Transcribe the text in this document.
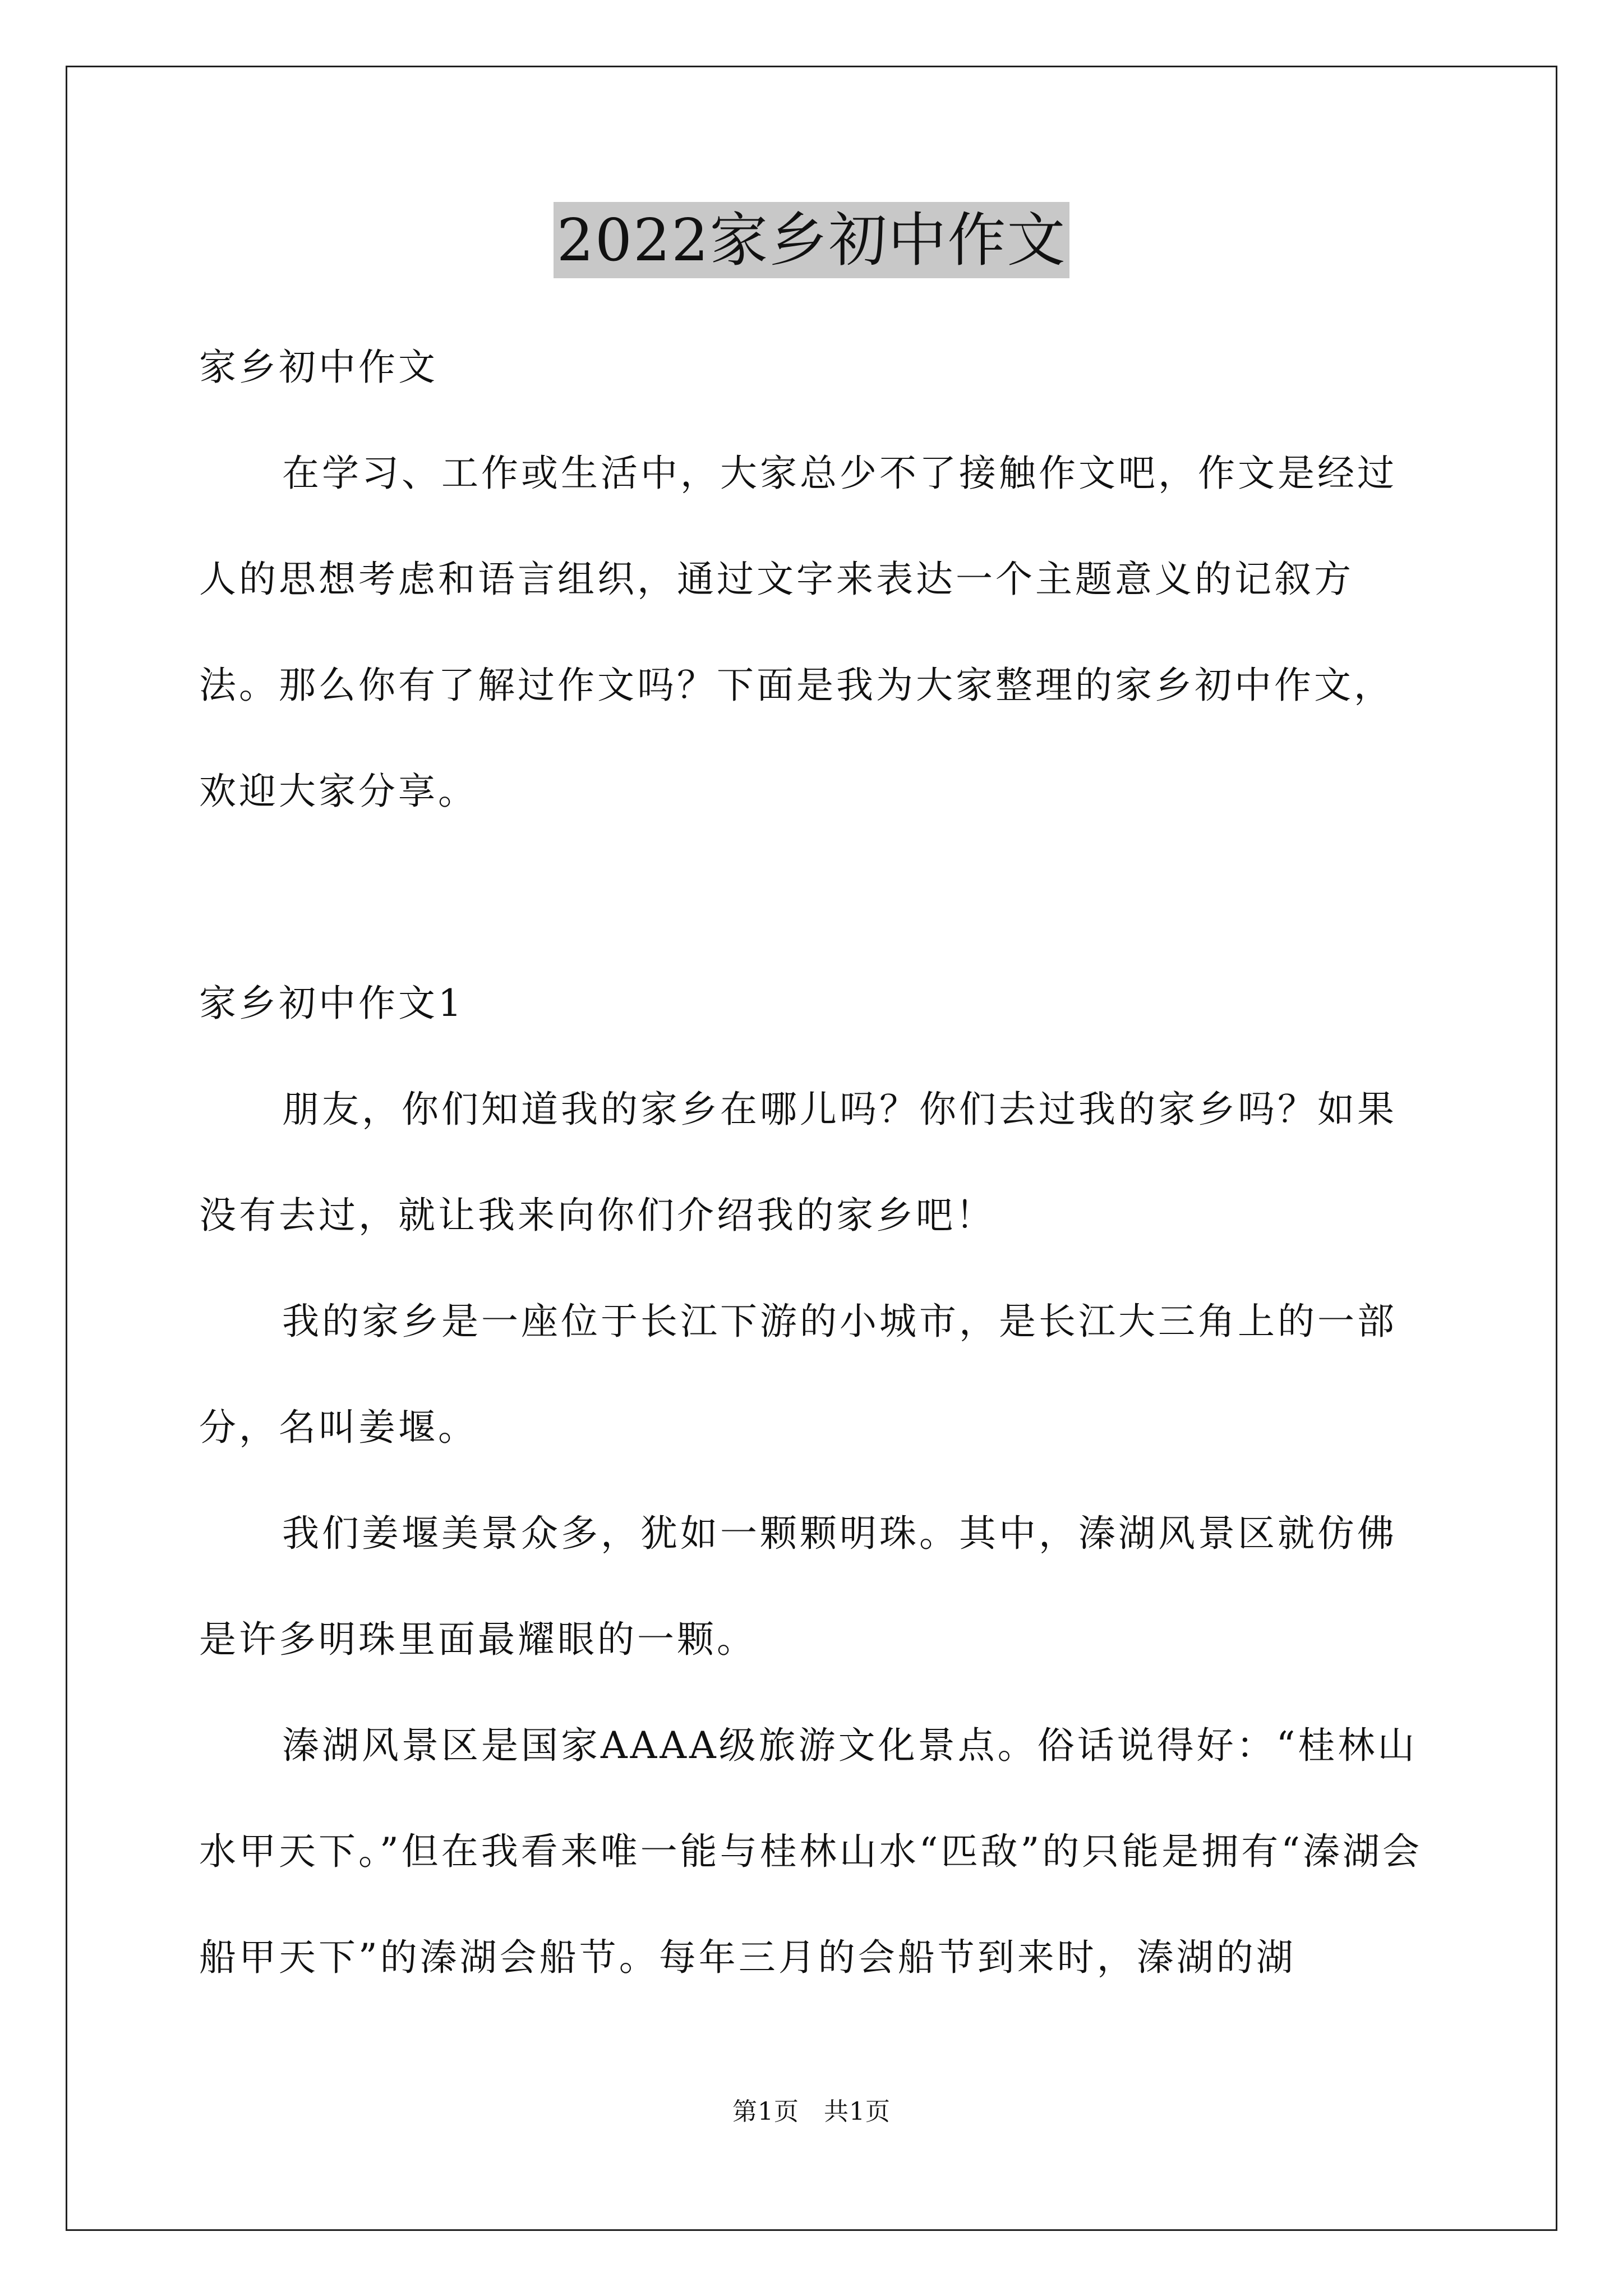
2022家乡初中作文

家乡初中作文

在学习、工作或生活中，大家总少不了接触作文吧，作文是经过人的思想考虑和语言组织，通过文字来表达一个主题意义的记叙方法。那么你有了解过作文吗？下面是我为大家整理的家乡初中作文，欢迎大家分享。

家乡初中作文1

朋友，你们知道我的家乡在哪儿吗？你们去过我的家乡吗？如果没有去过，就让我来向你们介绍我的家乡吧！

我的家乡是一座位于长江下游的小城市，是长江大三角上的一部分，名叫姜堰。

我们姜堰美景众多，犹如一颗颗明珠。其中，溱湖风景区就仿佛是许多明珠里面最耀眼的一颗。

溱湖风景区是国家AAAA级旅游文化景点。俗话说得好：“桂林山水甲天下。”但在我看来唯一能与桂林山水“匹敌”的只能是拥有“溱湖会船甲天下”的溱湖会船节。每年三月的会船节到来时，溱湖的湖

第1页 共1页
